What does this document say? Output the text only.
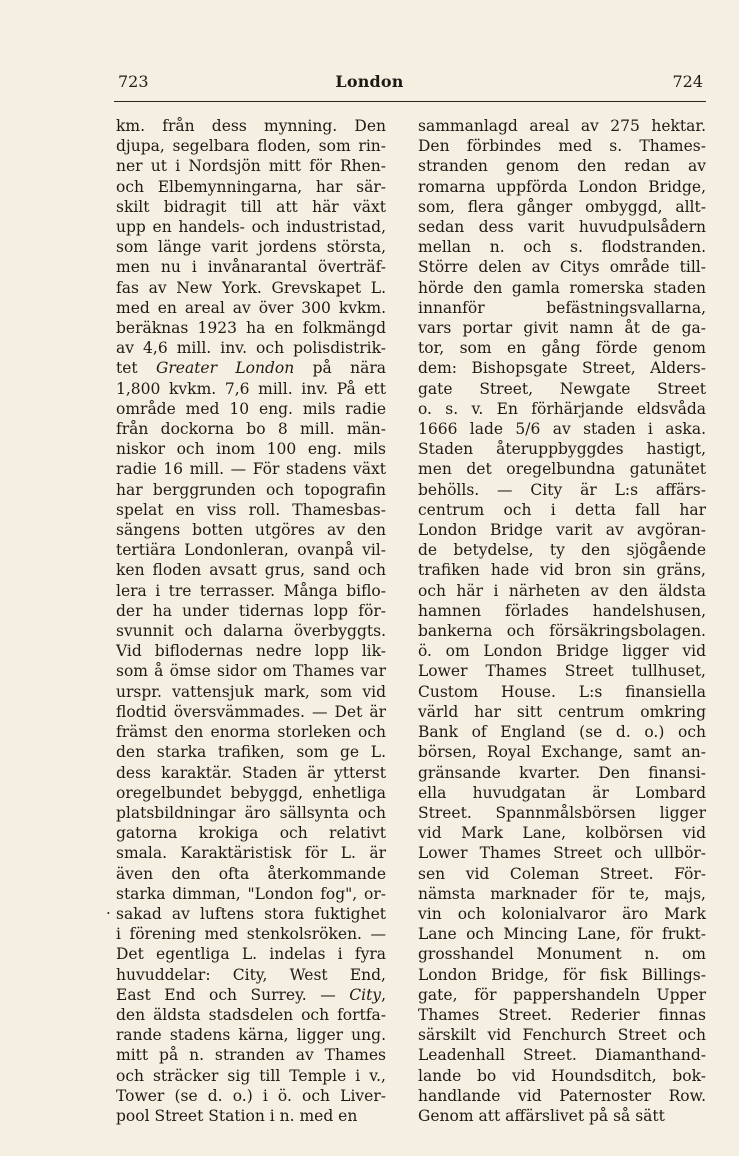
723	London	724
.
km. från dess mynning. Den
djupa, segelbara floden, som rin-
ner ut i Nordsjön mitt för Rhen-
och Elbemynningarna, har sär-
skilt bidragit till att här växt
upp en handels- och industristad,
som länge varit jordens största,
men nu i invånarantal överträf-
fas av New York. Grevskapet L.
med en areal av över 300 kvkm.
beräknas 1923 ha en folkmängd
av 4,6 mill. inv. och polisdistrik-
tet Greater London på nära
1,800 kvkm. 7,6 mill. inv. På ett
område med 10 eng. mils radie
från dockorna bo 8 mill. män-
niskor och inom 100 eng. mils
radie 16 mill. — För stadens växt
har berggrunden och topografin
spelat en viss roll. Thamesbas-
sängens botten utgöres av den
tertiära Londonleran, ovanpå vil-
ken floden avsatt grus, sand och
lera i tre terrasser. Många biflo-
der ha under tidernas lopp för-
svunnit och dalarna överbyggts.
Vid biflodernas nedre lopp lik-
som å ömse sidor om Thames var
urspr. vattensjuk mark, som vid
flodtid översvämmades. — Det är
främst den enorma storleken och
den starka trafiken, som ge L.
dess karaktär. Staden är ytterst
oregelbundet bebyggd, enhetliga
platsbildningar äro sällsynta och
gatorna krokiga och relativt
smala. Karaktäristisk för L. är
även den ofta återkommande
starka dimman, "London fog", or-
sakad av luftens stora fuktighet
i förening med stenkolsröken. —
Det egentliga L. indelas i fyra
huvuddelar: City, West End,
East End och Surrey. — City,
den äldsta stadsdelen och fortfa-
rande stadens kärna, ligger ung.
mitt på n. stranden av Thames
och sträcker sig till Temple i v.,
Tower (se d. o.) i ö. och Liver-
pool Street Station i n. med en
sammanlagd areal av 275 hektar.
Den förbindes med s. Thames-
stranden genom den redan av
romarna uppförda London Bridge,
som, flera gånger ombyggd, allt-
sedan dess varit huvudpulsådern
mellan n. och s. flodstranden.
Större delen av Citys område till-
hörde den gamla romerska staden
innanför befästningsvallarna,
vars portar givit namn åt de ga-
tor, som en gång förde genom
dem: Bishopsgate Street, Alders-
gate Street, Newgate Street
o. s. v. En förhärjande eldsvåda
1666 lade 5/6 av staden i aska.
Staden återuppbyggdes hastigt,
men det oregelbundna gatunätet
behölls. — City är L:s affärs-
centrum och i detta fall har
London Bridge varit av avgöran-
de betydelse, ty den sjögående
trafiken hade vid bron sin gräns,
och här i närheten av den äldsta
hamnen förlades handelshusen,
bankerna och försäkringsbolagen.
ö. om London Bridge ligger vid
Lower Thames Street tullhuset,
Custom House. L:s finansiella
värld har sitt centrum omkring
Bank of England (se d. o.) och
börsen, Royal Exchange, samt an-
gränsande kvarter. Den finansi-
ella huvudgatan är Lombard
Street. Spannmålsbörsen ligger
vid Mark Lane, kolbörsen vid
Lower Thames Street och ullbör-
sen vid Coleman Street. För-
nämsta marknader för te, majs,
vin och kolonialvaror äro Mark
Lane och Mincing Lane, för frukt-
grosshandel Monument n. om
London Bridge, för fisk Billings-
gate, för pappershandeln Upper
Thames Street. Rederier finnas
särskilt vid Fenchurch Street och
Leadenhall Street. Diamanthand-
lande bo vid Houndsditch, bok-
handlande vid Paternoster Row.
Genom att affärslivet på så sätt
